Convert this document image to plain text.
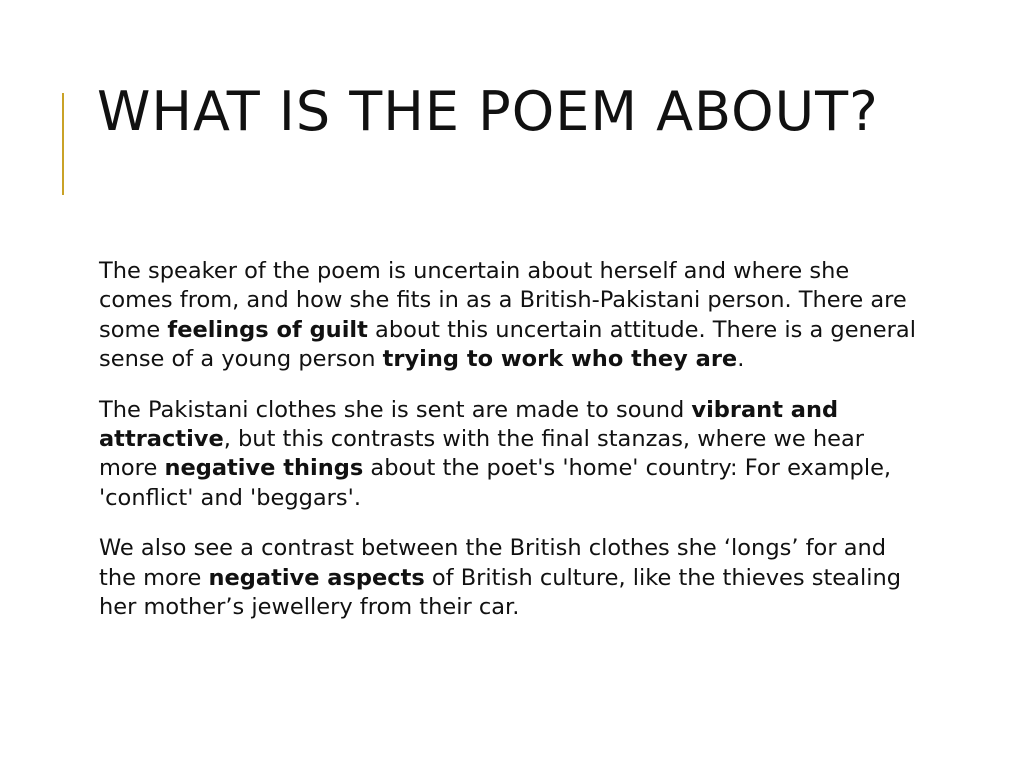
WHAT IS THE POEM ABOUT?

The speaker of the poem is uncertain about herself and where she comes from, and how she fits in as a British-Pakistani person. There are some feelings of guilt about this uncertain attitude. There is a general sense of a young person trying to work who they are.

The Pakistani clothes she is sent are made to sound vibrant and attractive, but this contrasts with the final stanzas, where we hear more negative things about the poet's 'home' country: For example, 'conflict' and 'beggars'.

We also see a contrast between the British clothes she ‘longs’ for and the more negative aspects of British culture, like the thieves stealing her mother’s jewellery from their car.
